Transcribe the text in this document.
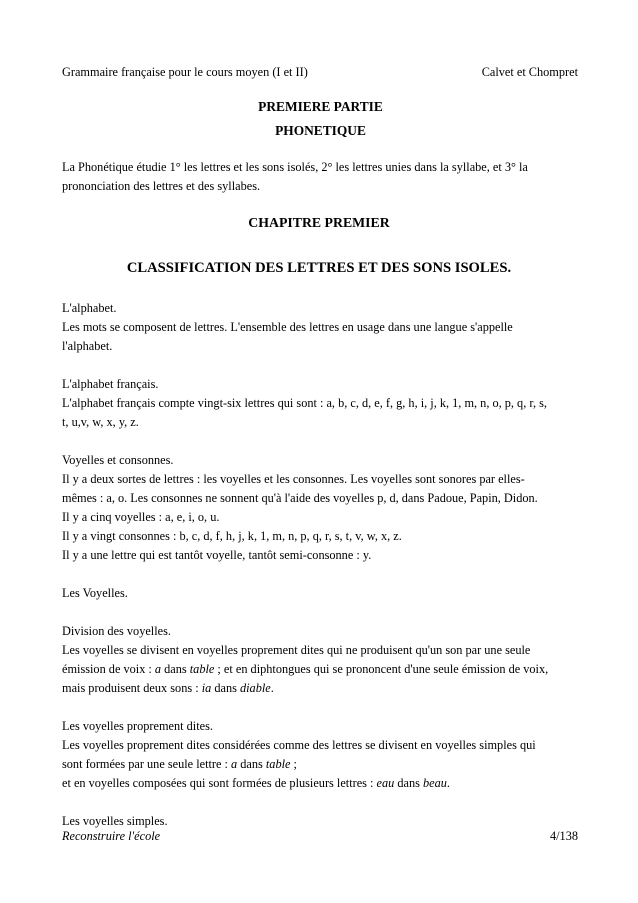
Grammaire française pour le cours moyen (I et II)	Calvet et Chompret
PREMIERE PARTIE
PHONETIQUE

La Phonétique étudie 1° les lettres et les sons isolés, 2° les lettres unies dans la syllabe, et 3° la

prononciation des lettres et des syllabes.

CHAPITRE PREMIER
CLASSIFICATION DES LETTRES ET DES SONS ISOLES.

L'alphabet.

Les mots se composent de lettres. L'ensemble des lettres en usage dans une langue s'appelle

l'alphabet.

L'alphabet français.

L'alphabet français compte vingt-six lettres qui sont : a, b, c, d, e, f, g, h, i, j, k, 1, m, n, o, p, q, r, s,

t, u,v, w, x, y, z.

Voyelles et consonnes.

Il y a deux sortes de lettres : les voyelles et les consonnes. Les voyelles sont sonores par elles-

mêmes : a, o. Les consonnes ne sonnent qu'à l'aide des voyelles p, d, dans Padoue, Papin, Didon.

Il y a cinq voyelles : a, e, i, o, u.

Il y a vingt consonnes : b, c, d, f, h, j, k, 1, m, n, p, q, r, s, t, v, w, x, z.

Il y a une lettre qui est tantôt voyelle, tantôt semi-consonne : y.

Les Voyelles.

Division des voyelles.

Les voyelles se divisent en voyelles proprement dites qui ne produisent qu'un son par une seule

émission de voix : a dans table ; et en diphtongues qui se prononcent d'une seule émission de voix,

mais produisent deux sons : ia dans diable.

Les voyelles proprement dites.

Les voyelles proprement dites considérées comme des lettres se divisent en voyelles simples qui

sont formées par une seule lettre : a dans table ;

et en voyelles composées qui sont formées de plusieurs lettres : eau dans beau.

Les voyelles simples.

Reconstruire l'école	4/138
